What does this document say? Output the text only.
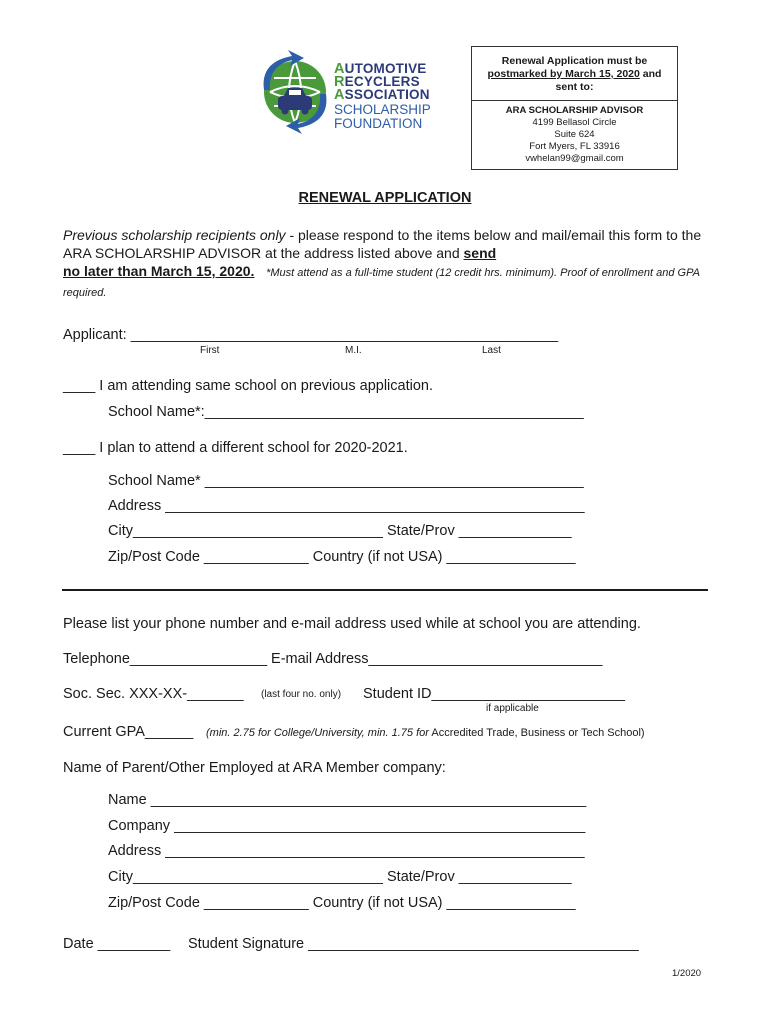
AUTOMOTIVE
RECYCLERS
ASSOCIATION
SCHOLARSHIP
FOUNDATION
Renewal Application must be
postmarked by March 15, 2020 and
sent to:
ARA SCHOLARSHIP ADVISOR
4199 Bellasol Circle
Suite 624
Fort Myers, FL 33916
vwhelan99@gmail.com
RENEWAL APPLICATION
Previous scholarship recipients only - please respond to the items below and mail/email this form to the ARA SCHOLARSHIP ADVISOR at the address listed above and send
no later than March 15, 2020. *Must attend as a full-time student (12 credit hrs. minimum). Proof of enrollment and GPA required.
Applicant: _____________________________________________________
First	M.I.	Last
____ I am attending same school on previous application.
School Name*:_______________________________________________
____ I plan to attend a different school for 2020-2021.
School Name* _______________________________________________
Address ____________________________________________________
City_______________________________ State/Prov ______________
Zip/Post Code _____________ Country (if not USA) ________________
Please list your phone number and e-mail address used while at school you are attending.
Telephone_________________ E-mail Address_____________________________
Soc. Sec. XXX-XX-_______ (last four no. only) Student ID________________________
if applicable
Current GPA______ (min. 2.75 for College/University, min. 1.75 for Accredited Trade, Business or Tech School)
Name of Parent/Other Employed at ARA Member company:
Name ______________________________________________________
Company ___________________________________________________
Address ____________________________________________________
City_______________________________ State/Prov ______________
Zip/Post Code _____________ Country (if not USA) ________________
Date _________ Student Signature _________________________________________
1/2020
